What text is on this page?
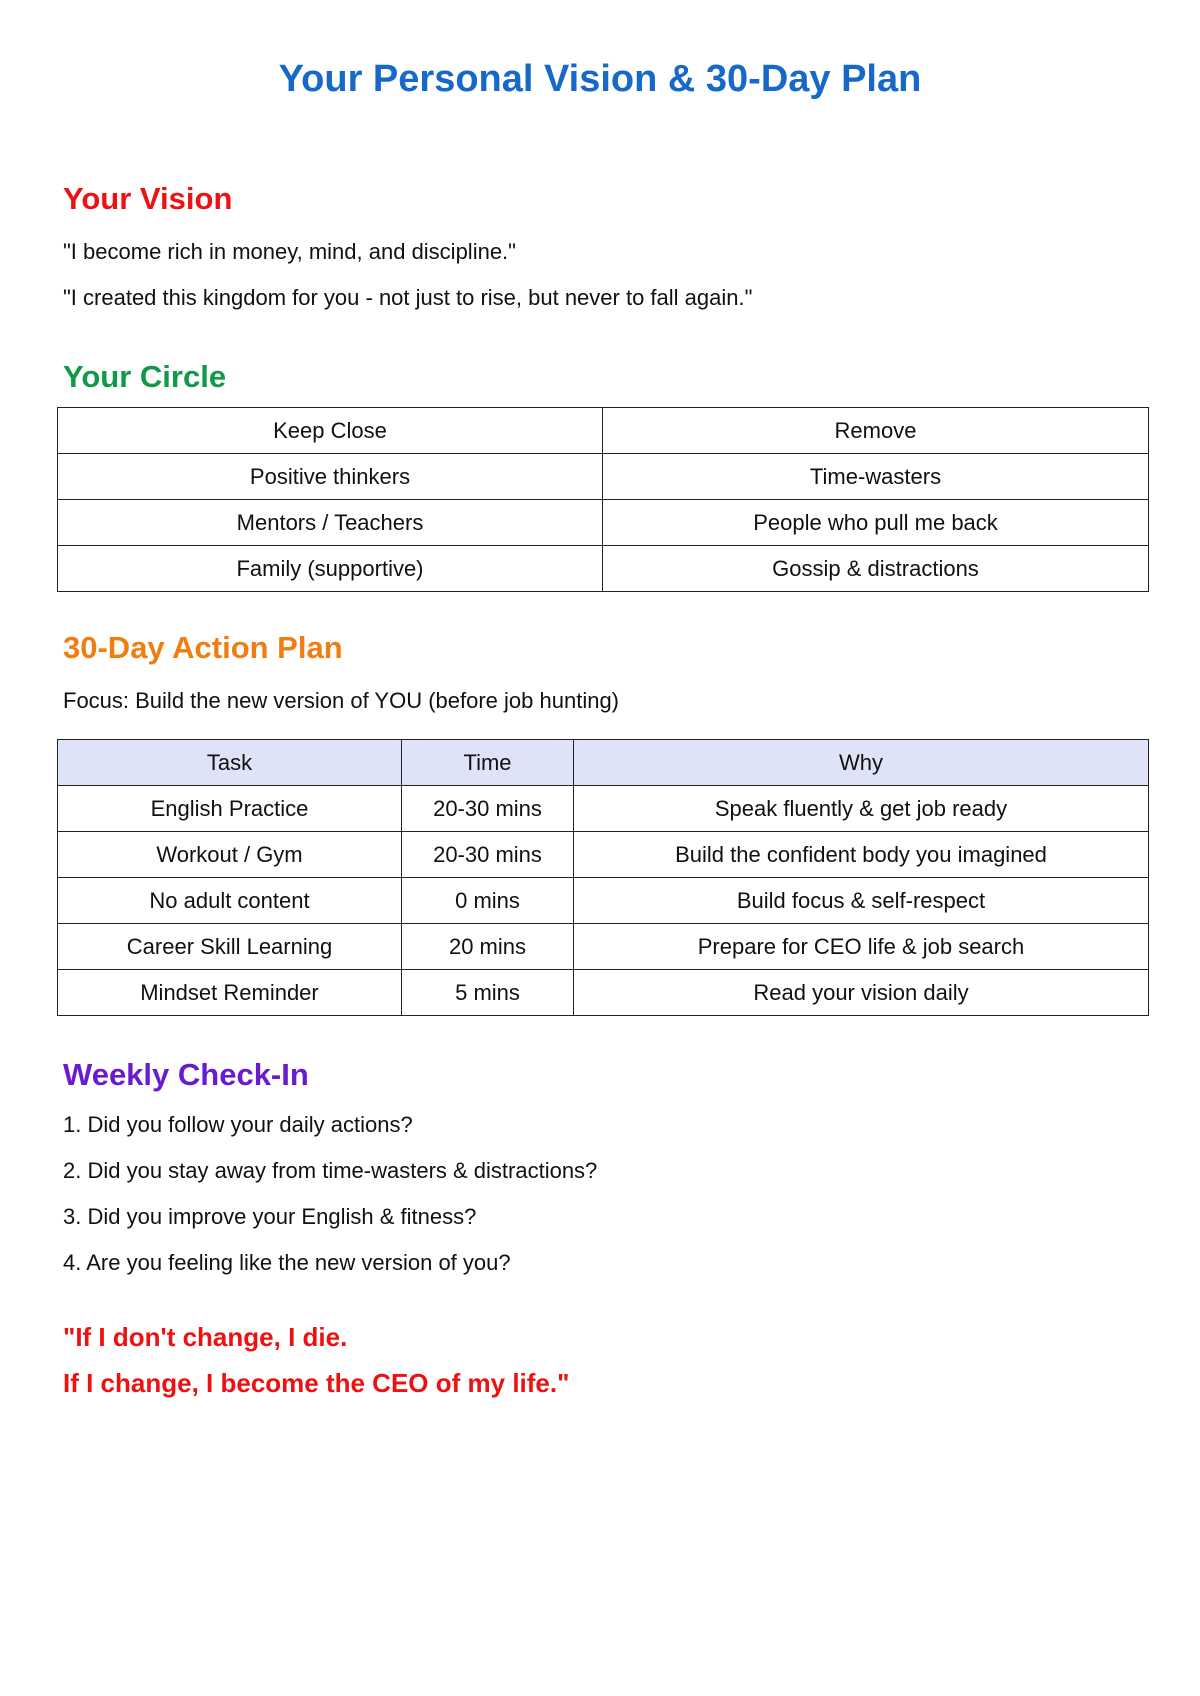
Your Personal Vision & 30-Day Plan
Your Vision
"I become rich in money, mind, and discipline."
"I created this kingdom for you - not just to rise, but never to fall again."
Your Circle
Keep Close	Remove
Positive thinkers	Time-wasters
Mentors / Teachers	People who pull me back
Family (supportive)	Gossip & distractions
30-Day Action Plan
Focus: Build the new version of YOU (before job hunting)
Task	Time	Why
English Practice	20-30 mins	Speak fluently & get job ready
Workout / Gym	20-30 mins	Build the confident body you imagined
No adult content	0 mins	Build focus & self-respect
Career Skill Learning	20 mins	Prepare for CEO life & job search
Mindset Reminder	5 mins	Read your vision daily
Weekly Check-In
1. Did you follow your daily actions?
2. Did you stay away from time-wasters & distractions?
3. Did you improve your English & fitness?
4. Are you feeling like the new version of you?
"If I don't change, I die.
If I change, I become the CEO of my life."
